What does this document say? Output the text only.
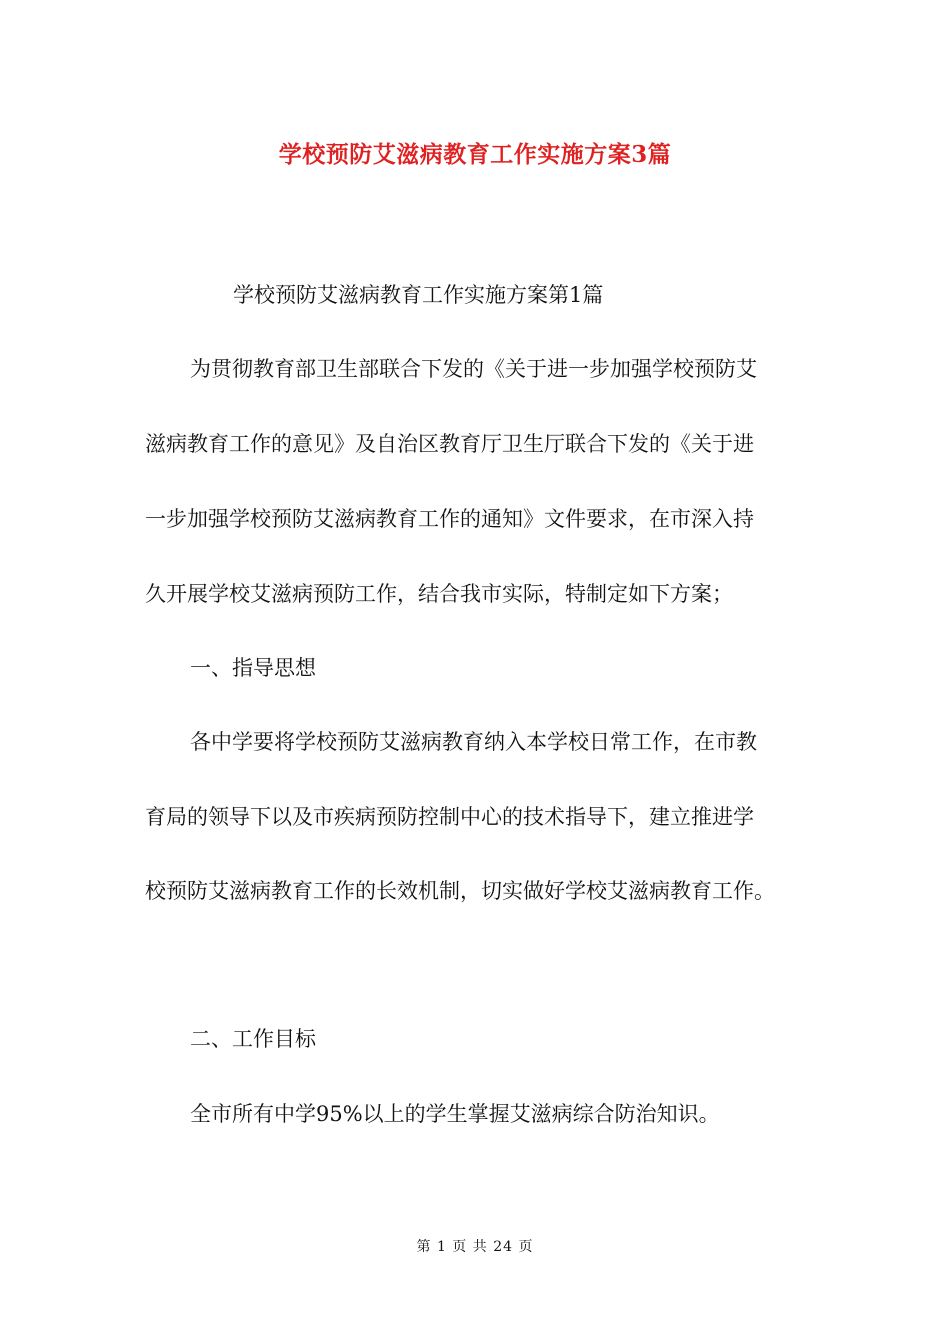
学校预防艾滋病教育工作实施方案3篇

学校预防艾滋病教育工作实施方案第1篇

为贯彻教育部卫生部联合下发的《关于进一步加强学校预防艾

滋病教育工作的意见》及自治区教育厅卫生厅联合下发的《关于进

一步加强学校预防艾滋病教育工作的通知》文件要求，在市深入持

久开展学校艾滋病预防工作，结合我市实际，特制定如下方案；

一、指导思想

各中学要将学校预防艾滋病教育纳入本学校日常工作，在市教

育局的领导下以及市疾病预防控制中心的技术指导下，建立推进学

校预防艾滋病教育工作的长效机制，切实做好学校艾滋病教育工作。

二、工作目标

全市所有中学95%以上的学生掌握艾滋病综合防治知识。

第 1 页 共 24 页
